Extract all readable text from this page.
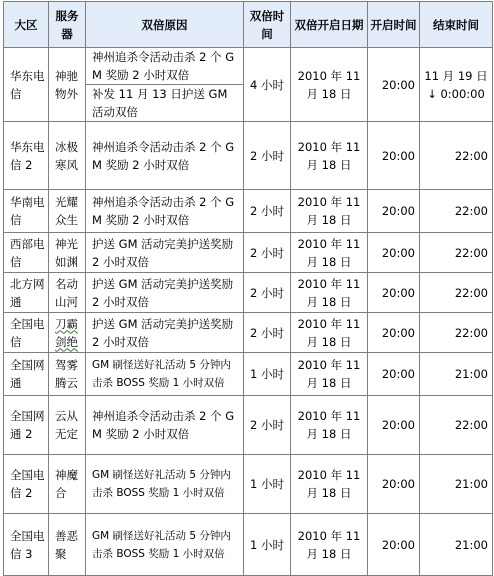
大区	服务器	双倍原因	双倍时间	双倍开启日期	开启时间	结束时间
华东电信	神驰物外	神州追杀令活动击杀 2 个 GM 奖励 2 小时双倍	4 小时	2010 年 11 月 18 日	20:00	11 月 19 日↓ 0:00:00
		补发 11 月 13 日护送 GM 活动双倍				
华东电信 2	冰极寒风	神州追杀令活动击杀 2 个 GM 奖励 2 小时双倍	2 小时	2010 年 11 月 18 日	20:00	22:00
华南电信	光耀众生	神州追杀令活动击杀 2 个 GM 奖励 2 小时双倍	2 小时	2010 年 11 月 18 日	20:00	22:00
西部电信	神光如渊	护送 GM 活动完美护送奖励 2 小时双倍	2 小时	2010 年 11 月 18 日	20:00	22:00
北方网通	名动山河	护送 GM 活动完美护送奖励 2 小时双倍	2 小时	2010 年 11 月 18 日	20:00	22:00
全国电信	刀霸剑绝	护送 GM 活动完美护送奖励 2 小时双倍	2 小时	2010 年 11 月 18 日	20:00	22:00
全国网通	驾雾腾云	GM 刷怪送好礼活动 5 分钟内击杀 BOSS 奖励 1 小时双倍	1 小时	2010 年 11 月 18 日	20:00	21:00
全国网通 2	云从无定	神州追杀令活动击杀 2 个 GM 奖励 2 小时双倍	2 小时	2010 年 11 月 18 日	20:00	22:00
全国电信 2	神魔合	GM 刷怪送好礼活动 5 分钟内击杀 BOSS 奖励 1 小时双倍	1 小时	2010 年 11 月 18 日	20:00	21:00
全国电信 3	善恶聚	GM 刷怪送好礼活动 5 分钟内击杀 BOSS 奖励 1 小时双倍	1 小时	2010 年 11 月 18 日	20:00	21:00
